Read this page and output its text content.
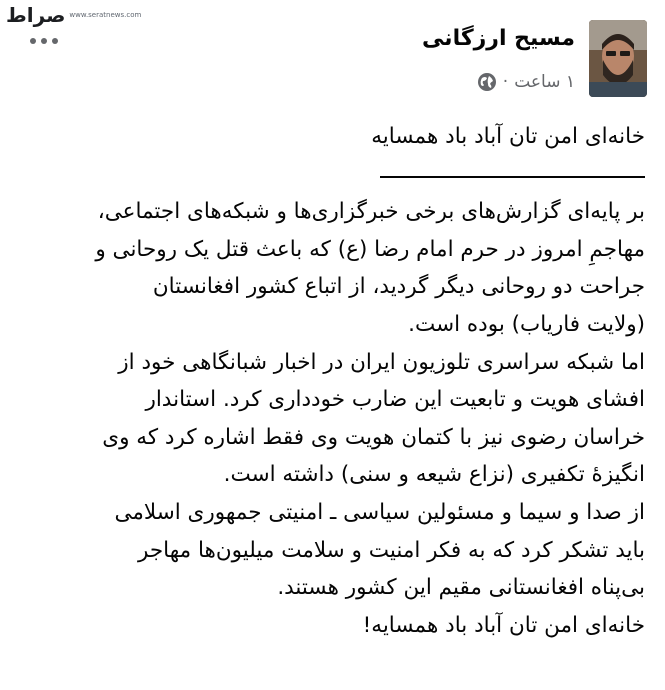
صراط www.seratnews.com
مسیح ارزگانی
۱ ساعت
·

خانه‌ای امن تان آباد باد همسایه

بر پایه‌ای گزارش‌های برخی خبرگزاری‌ها و شبکه‌های اجتماعی،

مهاجمِ امروز در حرم امام رضا (ع) که باعث قتل یک روحانی و

جراحت دو روحانی دیگر گردید، از اتباع کشور افغانستان

(ولایت فاریاب) بوده است.

اما شبکه سراسری تلوزیون ایران در اخبار شبانگاهی خود از

افشای هویت و تابعیت این ضارب خودداری کرد. استاندار

خراسان رضوی نیز با کتمان هویت وی فقط اشاره کرد که وی

انگیزهٔ تکفیری (نزاع شیعه و سنی) داشته است.

از صدا و سیما و مسئولین سیاسی ـ امنیتی جمهوری اسلامی

باید تشکر کرد که به فکر امنیت و سلامت میلیون‌ها مهاجر

بی‌پناه افغانستانی مقیم این کشور هستند.

خانه‌ای امن تان آباد باد همسایه!
